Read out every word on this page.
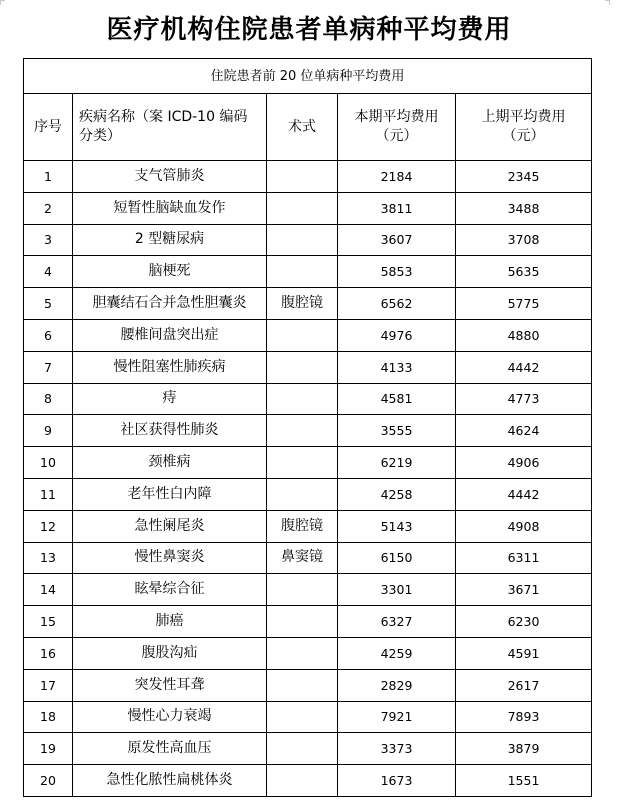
医疗机构住院患者单病种平均费用
住院患者前 20 位单病种平均费用				
序号	疾病名称（案 ICD-10 编码分类）	术式	本期平均费用（元）	上期平均费用（元）
1	支气管肺炎		2184	2345
2	短暂性脑缺血发作		3811	3488
3	2 型糖尿病		3607	3708
4	脑梗死		5853	5635
5	胆囊结石合并急性胆囊炎	腹腔镜	6562	5775
6	腰椎间盘突出症		4976	4880
7	慢性阻塞性肺疾病		4133	4442
8	痔		4581	4773
9	社区获得性肺炎		3555	4624
10	颈椎病		6219	4906
11	老年性白内障		4258	4442
12	急性阑尾炎	腹腔镜	5143	4908
13	慢性鼻窦炎	鼻窦镜	6150	6311
14	眩晕综合征		3301	3671
15	肺癌		6327	6230
16	腹股沟疝		4259	4591
17	突发性耳聋		2829	2617
18	慢性心力衰竭		7921	7893
19	原发性高血压		3373	3879
20	急性化脓性扁桃体炎		1673	1551
